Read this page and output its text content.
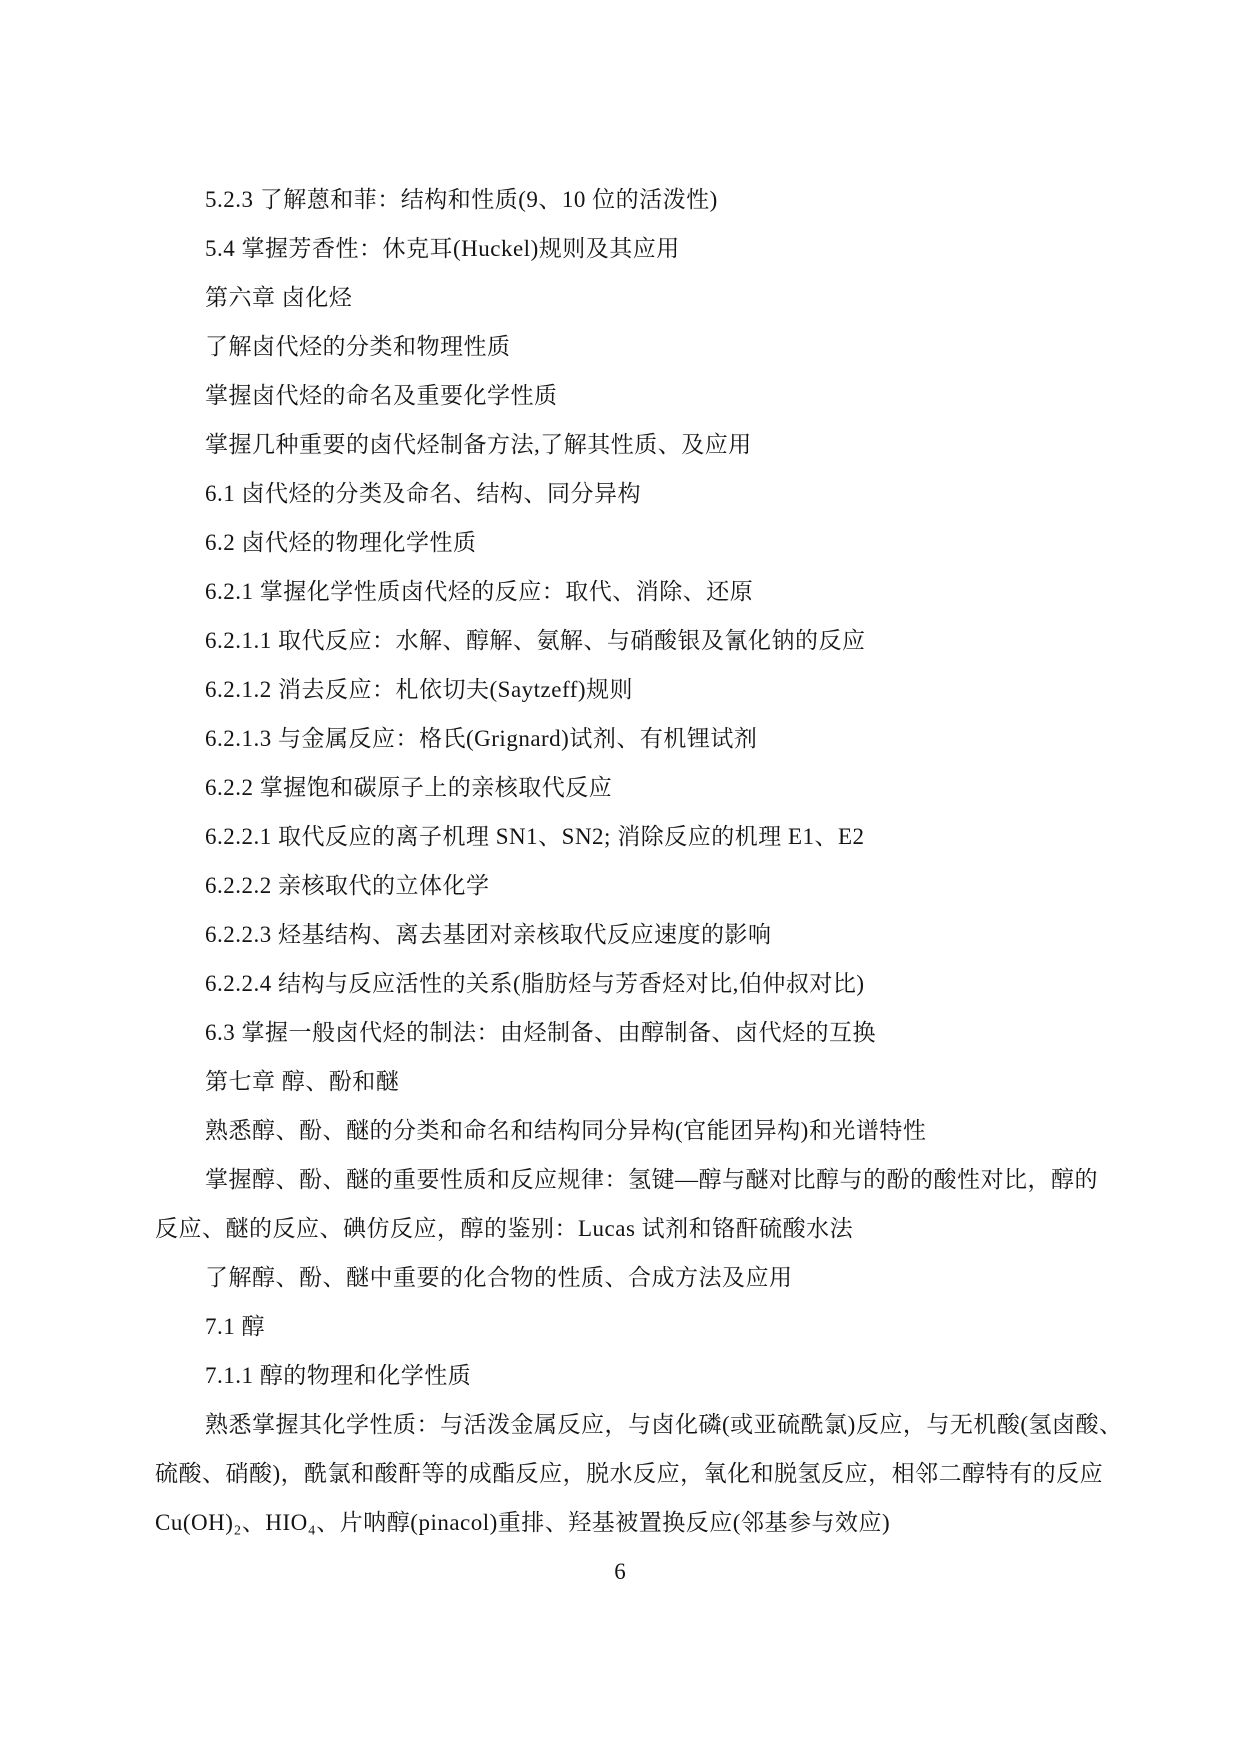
5.2.3 了解蒽和菲：结构和性质(9、10 位的活泼性)
5.4 掌握芳香性：休克耳(Huckel)规则及其应用
第六章 卤化烃
了解卤代烃的分类和物理性质
掌握卤代烃的命名及重要化学性质
掌握几种重要的卤代烃制备方法,了解其性质、及应用
6.1 卤代烃的分类及命名、结构、同分异构
6.2 卤代烃的物理化学性质
6.2.1 掌握化学性质卤代烃的反应：取代、消除、还原
6.2.1.1 取代反应：水解、醇解、氨解、与硝酸银及氰化钠的反应
6.2.1.2 消去反应：札依切夫(Saytzeff)规则
6.2.1.3 与金属反应：格氏(Grignard)试剂、有机锂试剂
6.2.2 掌握饱和碳原子上的亲核取代反应
6.2.2.1 取代反应的离子机理 SN1、SN2; 消除反应的机理 E1、E2
6.2.2.2 亲核取代的立体化学
6.2.2.3 烃基结构、离去基团对亲核取代反应速度的影响
6.2.2.4 结构与反应活性的关系(脂肪烃与芳香烃对比,伯仲叔对比)
6.3 掌握一般卤代烃的制法：由烃制备、由醇制备、卤代烃的互换
第七章 醇、酚和醚
熟悉醇、酚、醚的分类和命名和结构同分异构(官能团异构)和光谱特性
掌握醇、酚、醚的重要性质和反应规律：氢键—醇与醚对比醇与的酚的酸性对比，醇的
反应、醚的反应、碘仿反应，醇的鉴别：Lucas 试剂和铬酐硫酸水法
了解醇、酚、醚中重要的化合物的性质、合成方法及应用
7.1 醇
7.1.1 醇的物理和化学性质
熟悉掌握其化学性质：与活泼金属反应，与卤化磷(或亚硫酰氯)反应，与无机酸(氢卤酸、
硫酸、硝酸)，酰氯和酸酐等的成酯反应，脱水反应，氧化和脱氢反应，相邻二醇特有的反应
Cu(OH)₂、HIO₄、片呐醇(pinacol)重排、羟基被置换反应(邻基参与效应)
6
